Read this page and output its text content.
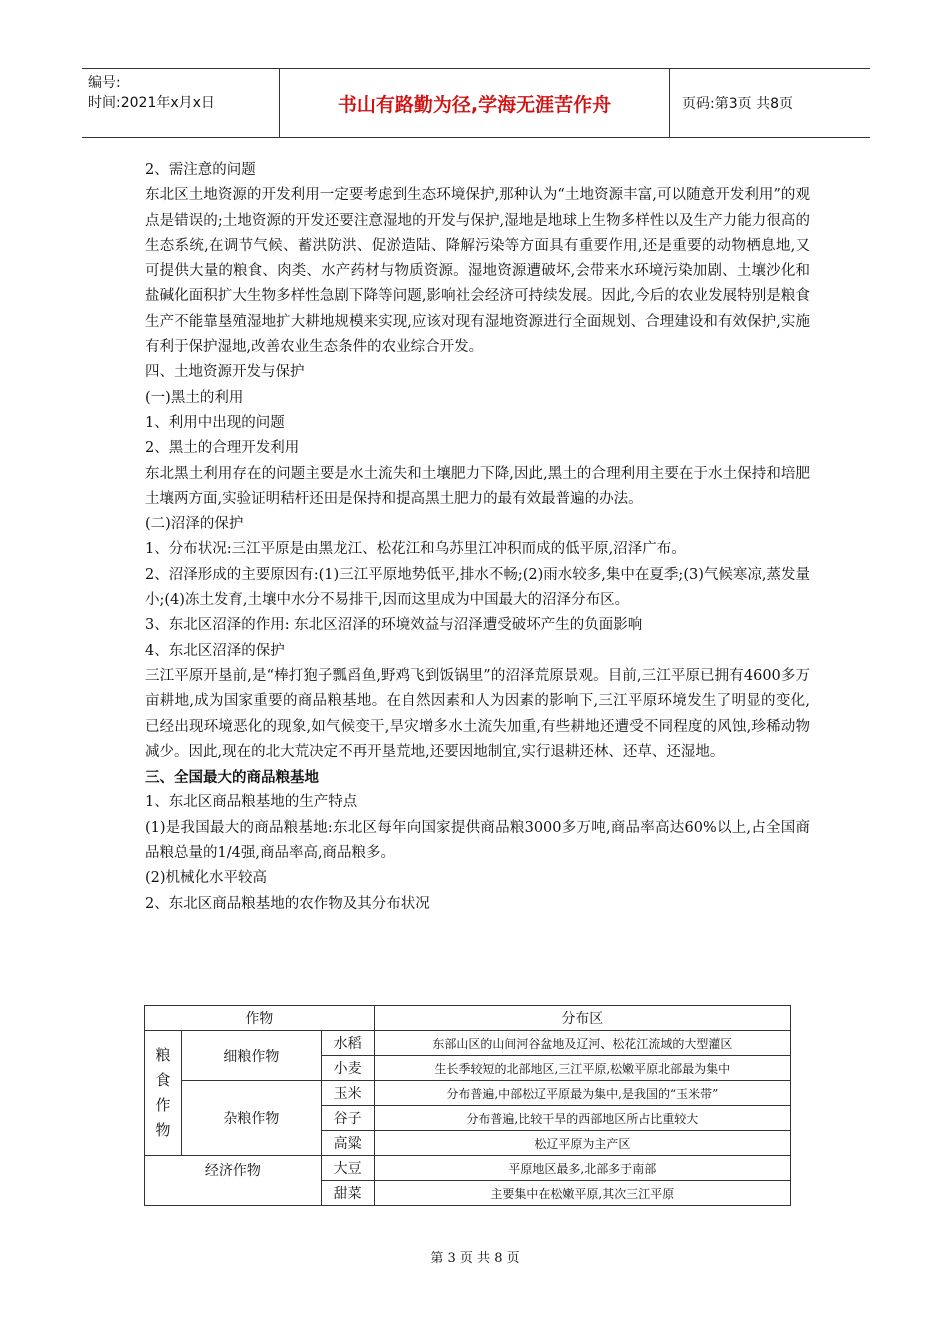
编号:
时间:2021年x月x日	书山有路勤为径,学海无涯苦作舟	页码:第3页 共8页

2、需注意的问题

东北区土地资源的开发利用一定要考虑到生态环境保护,那种认为“土地资源丰富,可以随意开发利用”的观点是错误的;土地资源的开发还要注意湿地的开发与保护,湿地是地球上生物多样性以及生产力能力很高的生态系统,在调节气候、蓄洪防洪、促淤造陆、降解污染等方面具有重要作用,还是重要的动物栖息地,又可提供大量的粮食、肉类、水产药材与物质资源。湿地资源遭破坏,会带来水环境污染加剧、土壤沙化和盐碱化面积扩大生物多样性急剧下降等问题,影响社会经济可持续发展。因此,今后的农业发展特别是粮食生产不能靠垦殖湿地扩大耕地规模来实现,应该对现有湿地资源进行全面规划、合理建设和有效保护,实施有利于保护湿地,改善农业生态条件的农业综合开发。

四、土地资源开发与保护

(一)黑土的利用

1、利用中出现的问题

2、黑土的合理开发利用

东北黑土利用存在的问题主要是水土流失和土壤肥力下降,因此,黑土的合理利用主要在于水土保持和培肥土壤两方面,实验证明秸杆还田是保持和提高黑土肥力的最有效最普遍的办法。

(二)沼泽的保护

1、分布状况:三江平原是由黑龙江、松花江和乌苏里江冲积而成的低平原,沼泽广布。

2、沼泽形成的主要原因有:(1)三江平原地势低平,排水不畅;(2)雨水较多,集中在夏季;(3)气候寒凉,蒸发量小;(4)冻土发育,土壤中水分不易排干,因而这里成为中国最大的沼泽分布区。

3、东北区沼泽的作用: 东北区沼泽的环境效益与沼泽遭受破坏产生的负面影响

4、东北区沼泽的保护

三江平原开垦前,是“棒打狍子瓢舀鱼,野鸡飞到饭锅里”的沼泽荒原景观。目前,三江平原已拥有4600多万亩耕地,成为国家重要的商品粮基地。在自然因素和人为因素的影响下,三江平原环境发生了明显的变化,已经出现环境恶化的现象,如气候变干,旱灾增多水土流失加重,有些耕地还遭受不同程度的风蚀,珍稀动物减少。因此,现在的北大荒决定不再开垦荒地,还要因地制宜,实行退耕还林、还草、还湿地。

三、全国最大的商品粮基地

1、东北区商品粮基地的生产特点

(1)是我国最大的商品粮基地:东北区每年向国家提供商品粮3000多万吨,商品率高达60%以上,占全国商品粮总量的1/4强,商品率高,商品粮多。

(2)机械化水平较高

2、东北区商品粮基地的农作物及其分布状况

作物			分布区

粮食作物	细粮作物	水稻	东部山区的山间河谷盆地及辽河、松花江流域的大型灌区
		小麦	生长季较短的北部地区,三江平原,松嫩平原北部最为集中
	杂粮作物	玉米	分布普遍,中部松辽平原最为集中,是我国的“玉米带”
		谷子	分布普遍,比较干旱的西部地区所占比重较大
		高粱	松辽平原为主产区
经济作物		大豆	平原地区最多,北部多于南部
		甜菜	主要集中在松嫩平原,其次三江平原
第 3 页 共 8 页
